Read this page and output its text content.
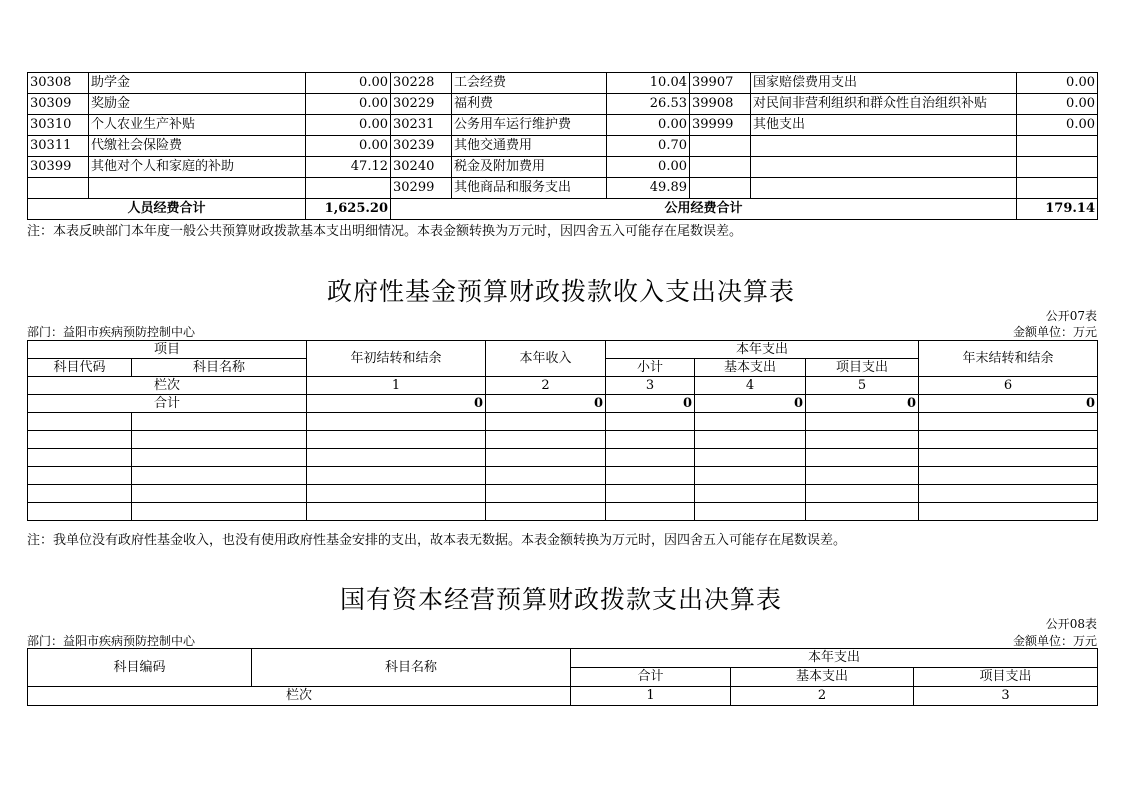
30308	助学金	0.00	30228	工会经费	10.04	39907	国家赔偿费用支出	0.00
30309	奖励金	0.00	30229	福利费	26.53	39908	对民间非营利组织和群众性自治组织补贴	0.00
30310	个人农业生产补贴	0.00	30231	公务用车运行维护费	0.00	39999	其他支出	0.00
30311	代缴社会保险费	0.00	30239	其他交通费用	0.70			
30399	其他对个人和家庭的补助	47.12	30240	税金及附加费用	0.00			
			30299	其他商品和服务支出	49.89			
人员经费合计		1,625.20	公用经费合计					179.14
注：本表反映部门本年度一般公共预算财政拨款基本支出明细情况。本表金额转换为万元时，因四舍五入可能存在尾数误差。
政府性基金预算财政拨款收入支出决算表
公开07表
部门：益阳市疾病预防控制中心	金额单位：万元
项目		年初结转和结余	本年收入	本年支出			年末结转和结余
科目代码	科目名称			小计	基本支出	项目支出	
栏次		1	2	3	4	5	6
合计		0	0	0	0	0	0

注：我单位没有政府性基金收入，也没有使用政府性基金安排的支出，故本表无数据。本表金额转换为万元时，因四舍五入可能存在尾数误差。
国有资本经营预算财政拨款支出决算表
公开08表
部门：益阳市疾病预防控制中心	金额单位：万元
科目编码	科目名称	本年支出		
		合计	基本支出	项目支出
栏次		1	2	3
